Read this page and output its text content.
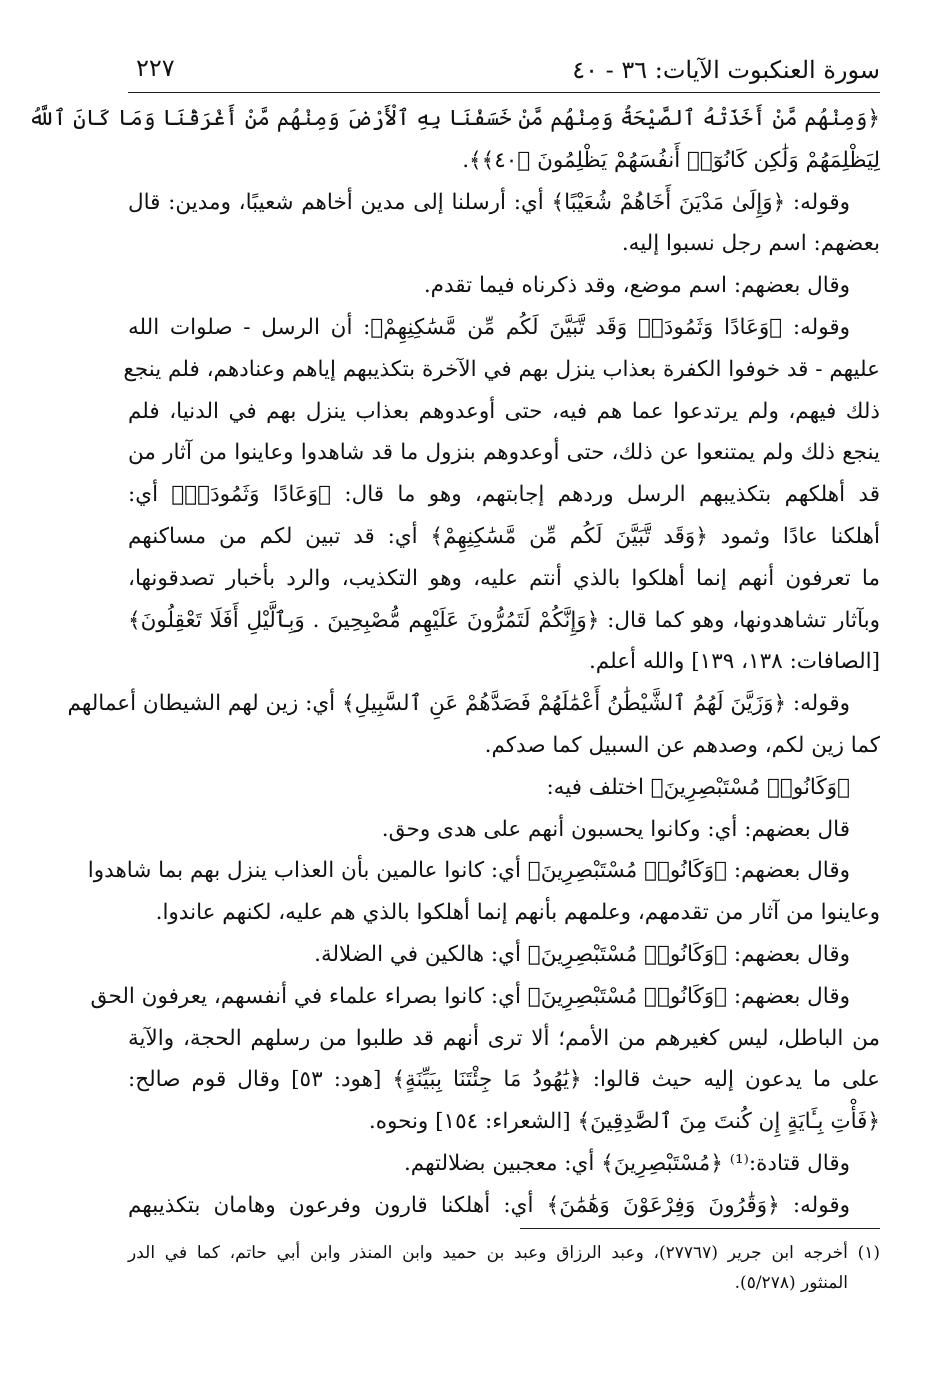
سورة العنكبوت الآيات: ٣٦ - ٤٠
٢٢٧
﴿وَمِنْهُم مَّنْ أَخَذَتْهُ ٱلصَّيْحَةُ وَمِنْهُم مَّنْ خَسَفْنَا بِهِ ٱلْأَرْضَ وَمِنْهُم مَّنْ أَغْرَقْنَا وَمَا كَانَ ٱللَّهُ
لِيَظْلِمَهُمْ وَلَٰكِن كَانُوٓا۟ أَنفُسَهُمْ يَظْلِمُونَ ﴿٤٠﴾﴾.
وقوله: ﴿وَإِلَىٰ مَدْيَنَ أَخَاهُمْ شُعَيْبًا﴾ أي: أرسلنا إلى مدين أخاهم شعيبًا، ومدين: قال
بعضهم: اسم رجل نسبوا إليه.
وقال بعضهم: اسم موضع، وقد ذكرناه فيما تقدم.
وقوله: ﴿وَعَادًا وَثَمُودَا۟ وَقَد تَّبَيَّنَ لَكُم مِّن مَّسَٰكِنِهِمْ﴾: أن الرسل - صلوات الله
عليهم - قد خوفوا الكفرة بعذاب ينزل بهم في الآخرة بتكذيبهم إياهم وعنادهم، فلم ينجع
ذلك فيهم، ولم يرتدعوا عما هم فيه، حتى أوعدوهم بعذاب ينزل بهم في الدنيا، فلم
ينجع ذلك ولم يمتنعوا عن ذلك، حتى أوعدوهم بنزول ما قد شاهدوا وعاينوا من آثار من
قد أهلكهم بتكذيبهم الرسل وردهم إجابتهم، وهو ما قال: ﴿وَعَادًا وَثَمُودَا۟﴾ أي:
أهلكنا عادًا وثمود ﴿وَقَد تَّبَيَّنَ لَكُم مِّن مَّسَٰكِنِهِمْ﴾ أي: قد تبين لكم من مساكنهم
ما تعرفون أنهم إنما أهلكوا بالذي أنتم عليه، وهو التكذيب، والرد بأخبار تصدقونها،
وبآثار تشاهدونها، وهو كما قال: ﴿وَإِنَّكُمْ لَتَمُرُّونَ عَلَيْهِم مُّصْبِحِينَ . وَبِٱلَّيْلِ أَفَلَا تَعْقِلُونَ﴾
[الصافات: ١٣٨، ١٣٩] والله أعلم.
وقوله: ﴿وَزَيَّنَ لَهُمُ ٱلشَّيْطَٰنُ أَعْمَٰلَهُمْ فَصَدَّهُمْ عَنِ ٱلسَّبِيلِ﴾ أي: زين لهم الشيطان أعمالهم
كما زين لكم، وصدهم عن السبيل كما صدكم.
﴿وَكَانُوا۟ مُسْتَبْصِرِينَ﴾ اختلف فيه:
قال بعضهم: أي: وكانوا يحسبون أنهم على هدى وحق.
وقال بعضهم: ﴿وَكَانُوا۟ مُسْتَبْصِرِينَ﴾ أي: كانوا عالمين بأن العذاب ينزل بهم بما شاهدوا
وعاينوا من آثار من تقدمهم، وعلمهم بأنهم إنما أهلكوا بالذي هم عليه، لكنهم عاندوا.
وقال بعضهم: ﴿وَكَانُوا۟ مُسْتَبْصِرِينَ﴾ أي: هالكين في الضلالة.
وقال بعضهم: ﴿وَكَانُوا۟ مُسْتَبْصِرِينَ﴾ أي: كانوا بصراء علماء في أنفسهم، يعرفون الحق
من الباطل، ليس كغيرهم من الأمم؛ ألا ترى أنهم قد طلبوا من رسلهم الحجة، والآية
على ما يدعون إليه حيث قالوا: ﴿يَٰهُودُ مَا جِئْتَنَا بِبَيِّنَةٍ﴾ [هود: ٥٣] وقال قوم صالح:
﴿فَأْتِ بِـَٔايَةٍ إِن كُنتَ مِنَ ٱلصَّٰدِقِينَ﴾ [الشعراء: ١٥٤] ونحوه.
وقال قتادة:⁽¹⁾ ﴿مُسْتَبْصِرِينَ﴾ أي: معجبين بضلالتهم.
وقوله: ﴿وَقَٰرُونَ وَفِرْعَوْنَ وَهَٰمَٰنَ﴾ أي: أهلكنا قارون وفرعون وهامان بتكذيبهم
(١) أخرجه ابن جرير (٢٧٧٦٧)، وعبد الرزاق وعبد بن حميد وابن المنذر وابن أبي حاتم، كما في الدر
المنثور (٥/٢٧٨).
